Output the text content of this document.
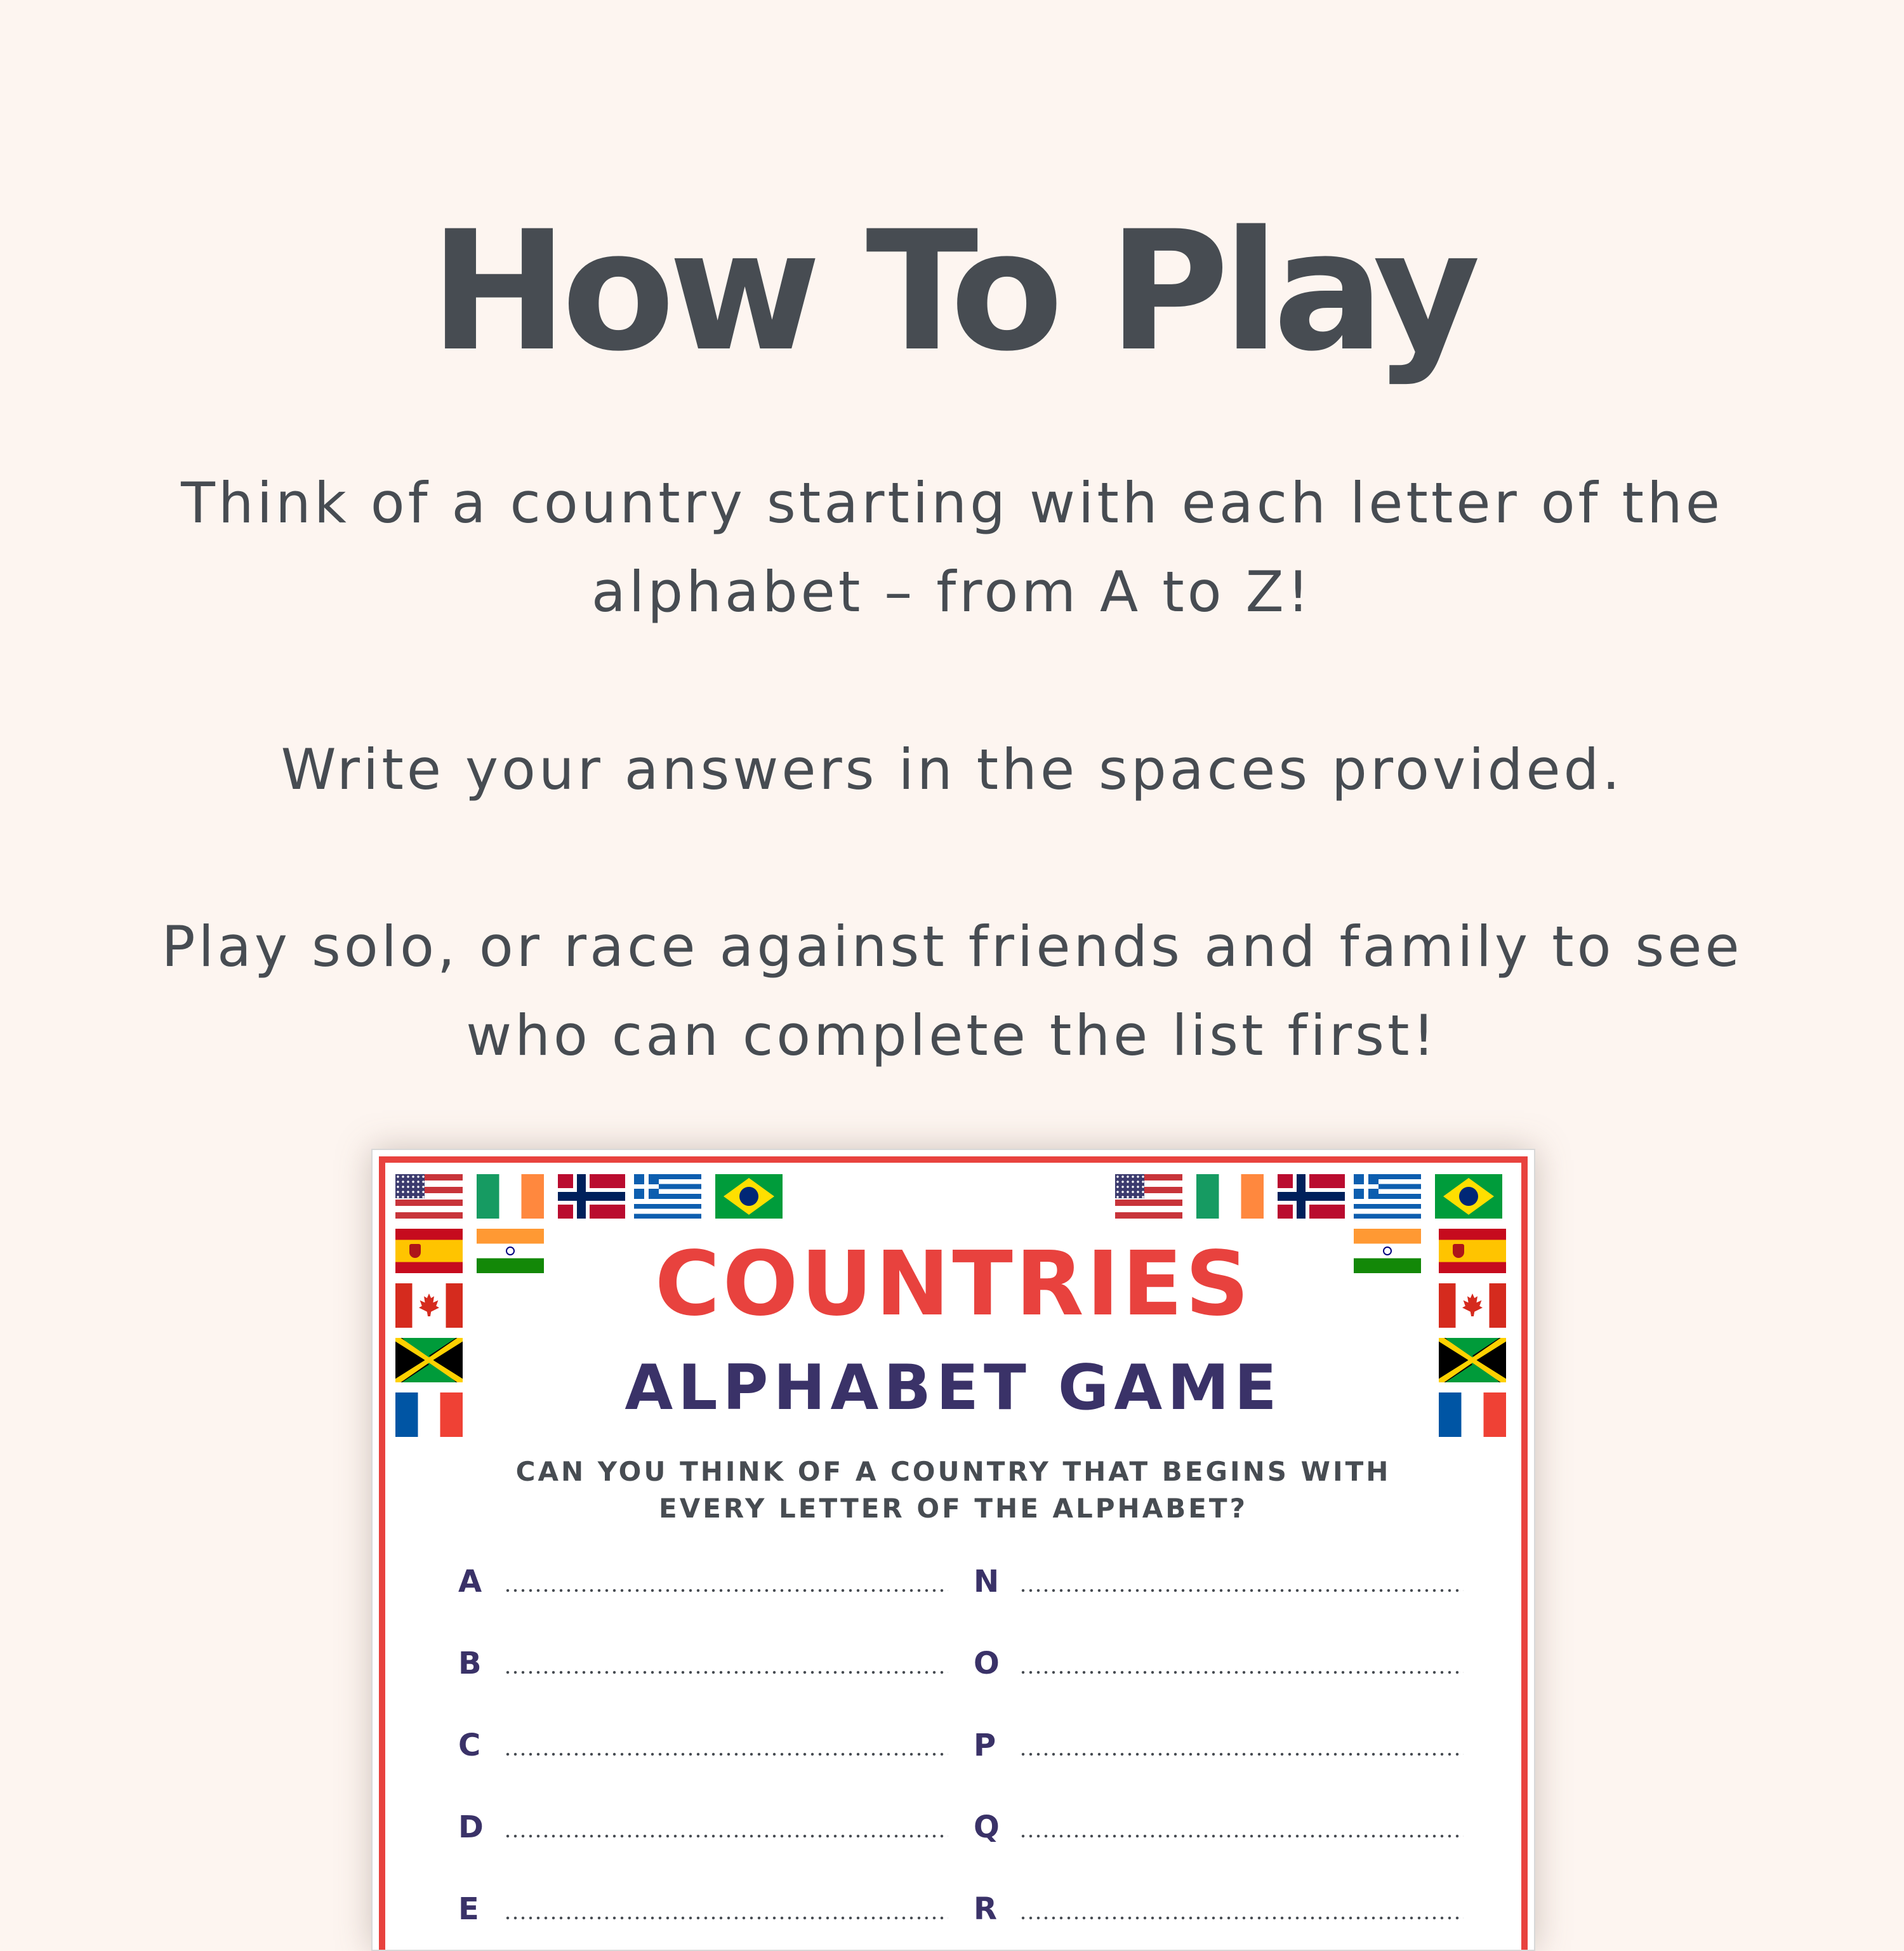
How To Play
Think of a country starting with each letter of the alphabet – from A to Z!
Write your answers in the spaces provided.
Play solo, or race against friends and family to see who can complete the list first!
COUNTRIES
ALPHABET GAME
CAN YOU THINK OF A COUNTRY THAT BEGINS WITH EVERY LETTER OF THE ALPHABET?
A
B
C
D
E
N
O
P
Q
R
